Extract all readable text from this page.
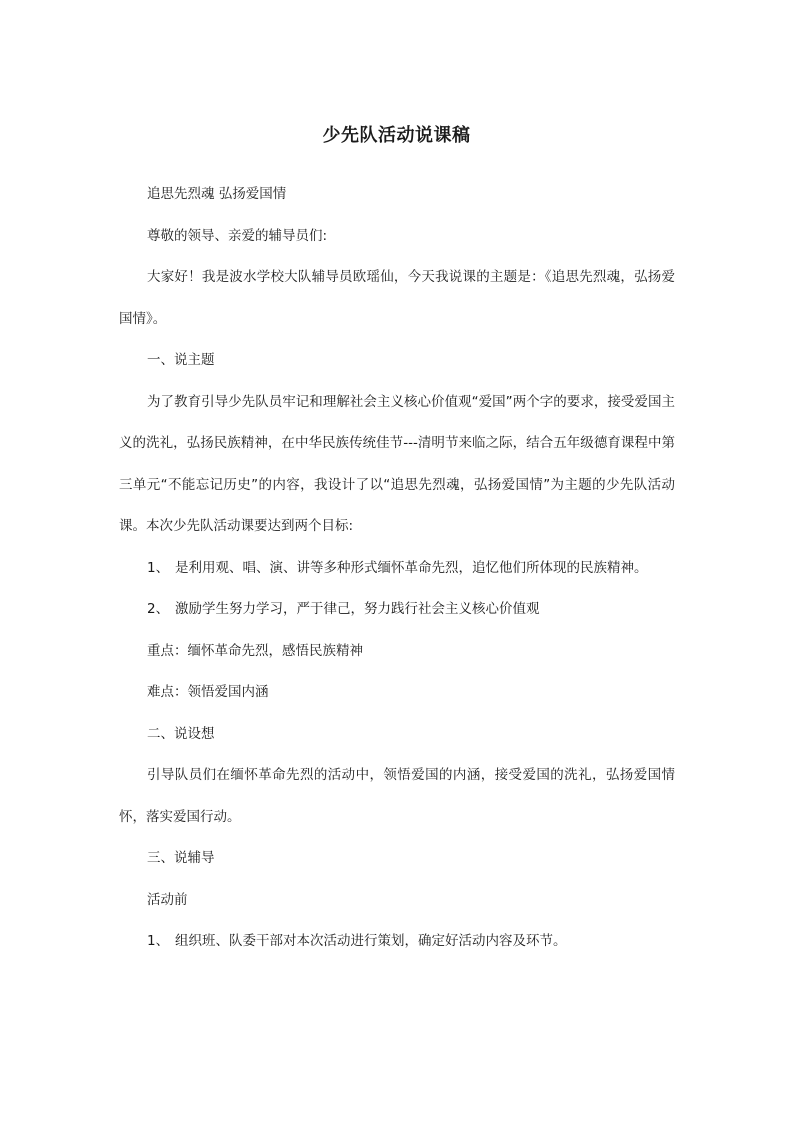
少先队活动说课稿

追思先烈魂 弘扬爱国情

尊敬的领导、亲爱的辅导员们:

大家好！我是波水学校大队辅导员欧瑶仙，今天我说课的主题是：《追思先烈魂，弘扬爱国情》。

一、说主题

为了教育引导少先队员牢记和理解社会主义核心价值观“爱国”两个字的要求，接受爱国主义的洗礼，弘扬民族精神，在中华民族传统佳节---清明节来临之际，结合五年级德育课程中第三单元“不能忘记历史”的内容，我设计了以“追思先烈魂，弘扬爱国情”为主题的少先队活动课。本次少先队活动课要达到两个目标:

1、 是利用观、唱、演、讲等多种形式缅怀革命先烈，追忆他们所体现的民族精神。

2、 激励学生努力学习，严于律己，努力践行社会主义核心价值观

重点：缅怀革命先烈，感悟民族精神

难点：领悟爱国内涵

二、说设想

引导队员们在缅怀革命先烈的活动中，领悟爱国的内涵，接受爱国的洗礼，弘扬爱国情怀，落实爱国行动。

三、说辅导

活动前

1、 组织班、队委干部对本次活动进行策划，确定好活动内容及环节。
